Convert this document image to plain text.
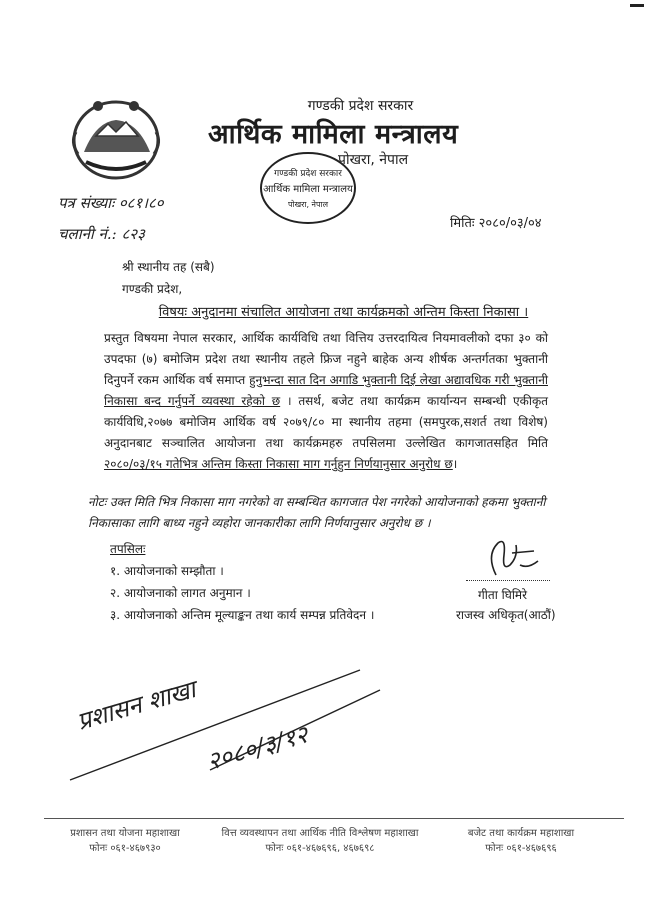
गण्डकी प्रदेश सरकार
आर्थिक मामिला मन्त्रालय
पोखरा, नेपाल
गण्डकी प्रदेश सरकार
आर्थिक मामिला मन्त्रालय
पोखरा, नेपाल
पत्र संख्याः ०८१।८०
चलानी नं.: ८२३
मितिः २०८०/०३/०४
श्री स्थानीय तह (सबै)
गण्डकी प्रदेश,
विषयः अनुदानमा संचालित आयोजना तथा कार्यक्रमको अन्तिम किस्ता निकासा ।
प्रस्तुत विषयमा नेपाल सरकार, आर्थिक कार्यविधि तथा वित्तिय उत्तरदायित्व नियमावलीको दफा ३० को उपदफा (७) बमोजिम प्रदेश तथा स्थानीय तहले फ्रिज नहुने बाहेक अन्य शीर्षक अन्तर्गतका भुक्तानी दिनुपर्ने रकम आर्थिक वर्ष समाप्त हुनुभन्दा सात दिन अगाडि भुक्तानी दिई लेखा अद्यावधिक गरी भुक्तानी निकासा बन्द गर्नुपर्ने व्यवस्था रहेको छ । तसर्थ, बजेट तथा कार्यक्रम कार्यान्यन सम्बन्धी एकीकृत कार्यविधि,२०७७ बमोजिम आर्थिक वर्ष २०७९/८० मा स्थानीय तहमा (समपुरक,सशर्त तथा विशेष) अनुदानबाट सञ्चालित आयोजना तथा कार्यक्रमहरु तपसिलमा उल्लेखित कागजातसहित मिति २०८०/०३/१५ गतेभित्र अन्तिम किस्ता निकासा माग गर्नुहुन निर्णयानुसार अनुरोध छ।
नोटः उक्त मिति भित्र निकासा माग नगरेको वा सम्बन्धित कागजात पेश नगरेको आयोजनाको हकमा भुक्तानी निकासाका लागि बाध्य नहुने व्यहोरा जानकारीका लागि निर्णयानुसार अनुरोध छ ।
तपसिलः
१. आयोजनाको सम्झौता ।
२. आयोजनाको लागत अनुमान ।
३. आयोजनाको अन्तिम मूल्याङ्कन तथा कार्य सम्पन्न प्रतिवेदन ।
गीता घिमिरे
राजस्व अधिकृत(आठौं)
प्रशासन शाखा
२०८०/३/१२
प्रशासन तथा योजना महाशाखा
फोनः ०६१-४६७९३०
वित्त व्यवस्थापन तथा आर्थिक नीति विश्लेषण महाशाखा
फोनः ०६१-४६७६९६, ४६७६९८
बजेट तथा कार्यक्रम महाशाखा
फोनः ०६१-४६७६९६
